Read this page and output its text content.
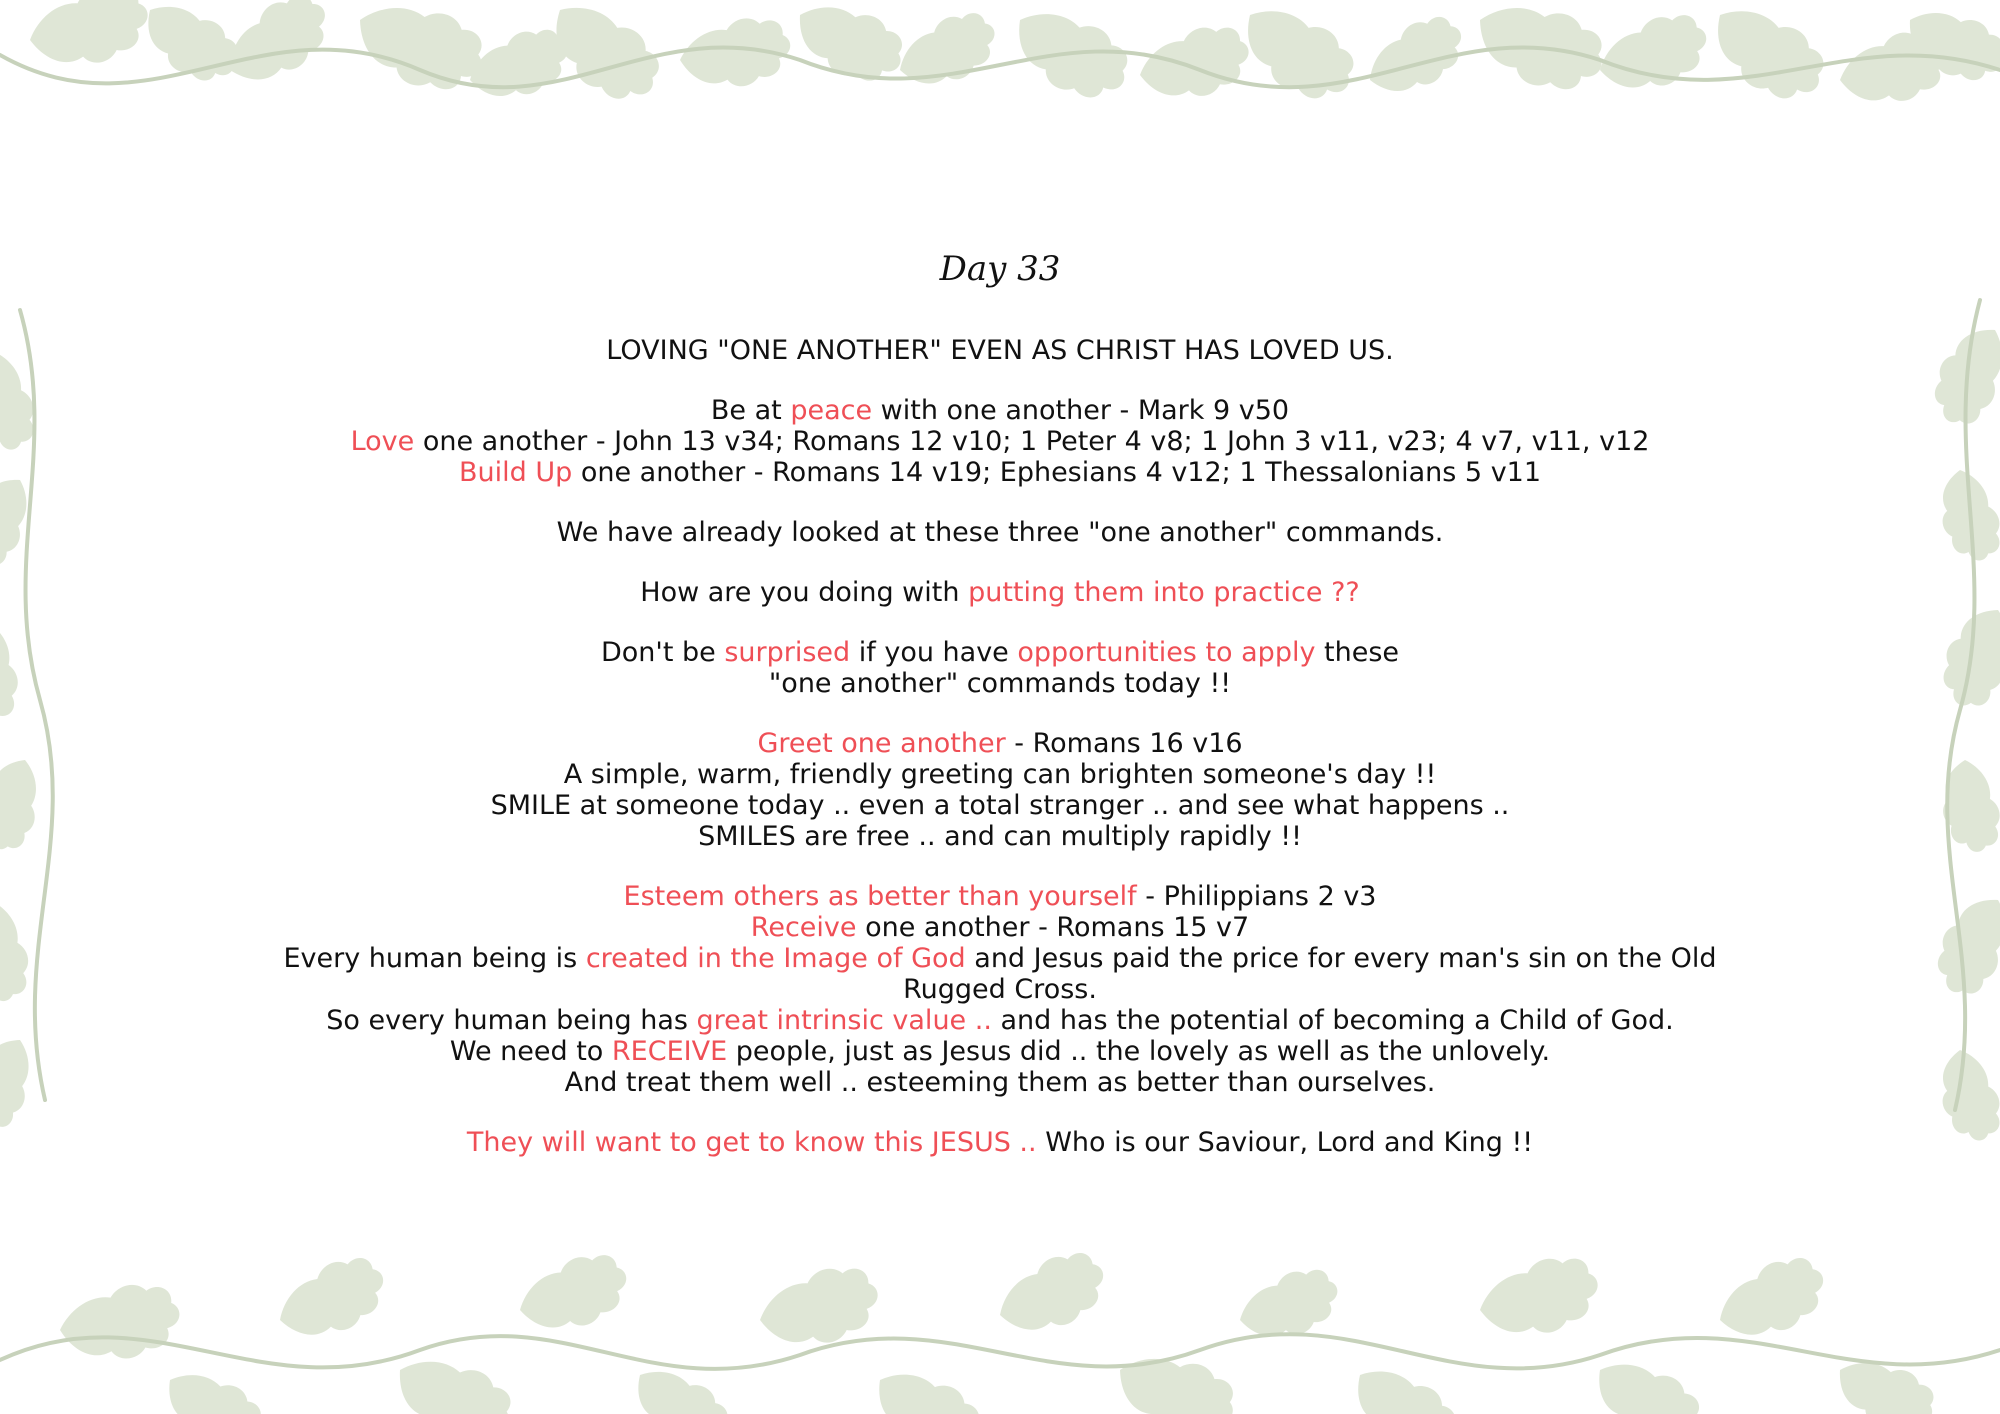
Day 33
LOVING "ONE ANOTHER" EVEN AS CHRIST HAS LOVED US.
Be at peace with one another - Mark 9 v50
Love one another - John 13 v34; Romans 12 v10; 1 Peter 4 v8; 1 John 3 v11, v23; 4 v7, v11, v12
Build Up one another - Romans 14 v19; Ephesians 4 v12; 1 Thessalonians 5 v11
We have already looked at these three "one another" commands.
How are you doing with putting them into practice ??
Don't be surprised if you have opportunities to apply these
"one another" commands today !!
Greet one another - Romans 16 v16
A simple, warm, friendly greeting can brighten someone's day !!
SMILE at someone today .. even a total stranger .. and see what happens ..
SMILES are free .. and can multiply rapidly !!
Esteem others as better than yourself - Philippians 2 v3
Receive one another - Romans 15 v7
Every human being is created in the Image of God and Jesus paid the price for every man's sin on the Old
Rugged Cross.
So every human being has great intrinsic value .. and has the potential of becoming a Child of God.
We need to RECEIVE people, just as Jesus did .. the lovely as well as the unlovely.
And treat them well .. esteeming them as better than ourselves.
They will want to get to know this JESUS .. Who is our Saviour, Lord and King !!
